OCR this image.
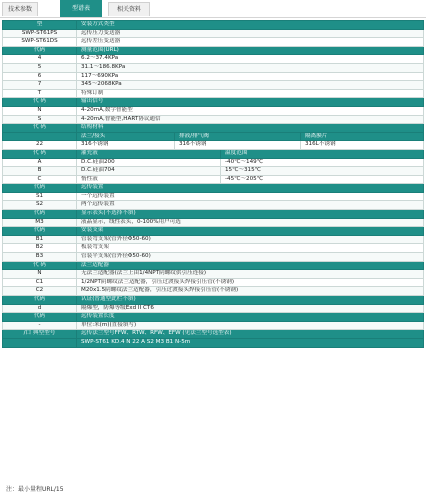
技术参数	型谱表	相关资料
型	安装方式类型			
SWP-ST61PS	远传压力变送器			
SWP-ST61DS	远传差压变送器			
代码	测量范围(URL)			
4	6.2～37.4KPa			
5	31.1～186.8KPa			
6	117～690KPa			
7	345～2068KPa			
T	特殊订制			
代 码	输出信号			
N	4-20mA,数字智能型			
S	4-20mA,智能型,HART协议通信			
代 码	结构材料			
	法兰/接头	排液/排气阀		隔离膜片
22	316不锈钢	316不锈钢		316L不锈钢
代 码	灌充液		温度范围	
A	D.C.硅油200		-40℃～149℃	
B	D.C.硅油704		15℃～315℃	
C	惰性液		-45℃～205℃	
代码	远传装置			
S1	一个远传装置			
S2	两个远传装置			
代码	显示表头(不选择不填)			
M3	液晶显示，线性表头，0-100%用户可选			
代码	安装支架			
B1	管装弯支架(管外径Φ50-60)			
B2	板装弯支架			
B3	管装平支架(管外径Φ50-60)			
代 码	法兰适配器			
N	无法兰适配器(法兰上由1/4NPT阴螺纹供引压连接)			
C1	1/2NPT阴螺纹法兰适配器，引压过渡接头焊接引压管(不锈钢)			
C2	M20x1.5阴螺纹法兰适配器，引压过渡接头焊接引压管(不锈钢)			
代码	认证(普通型此栏不填)			
d	隔爆型，防爆等级Exd II CT6			
代码	远传装置长度			
-	单位:米(m)(直接填写)			
/口 典型型号	远传法兰型号FFW、RTW、RFW、EFW (见法兰型号选型表)			
	SWP-ST61 KD.4 N 22 A S2 M3 B1 N-5m			
注：最小量程URL/15
